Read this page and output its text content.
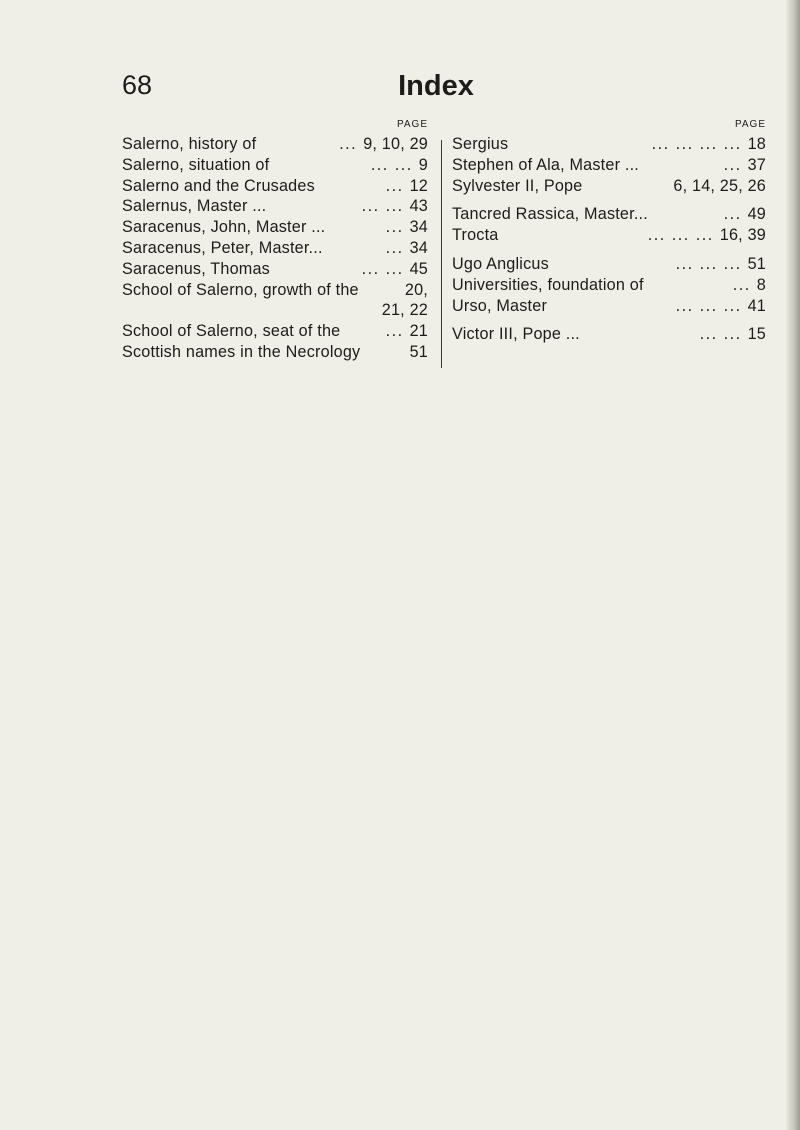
68	Index
PAGE
Salerno, history of	... 9, 10, 29
Salerno, situation of	... ... 9
Salerno and the Crusades	... 12
Salernus, Master ...	... ... 43
Saracenus, John, Master ...	... 34
Saracenus, Peter, Master...	... 34
Saracenus, Thomas	... ... 45
School of Salerno, growth of the	20,
21, 22
School of Salerno, seat of the	... 21
Scottish names in the Necrology	51
PAGE
Sergius	... ... ... ... 18
Stephen of Ala, Master ...	... 37
Sylvester II, Pope	6, 14, 25, 26
Tancred Rassica, Master...	... 49
Trocta	... ... ... 16, 39
Ugo Anglicus	... ... ... 51
Universities, foundation of	... 8
Urso, Master	... ... ... 41
Victor III, Pope ...	... ... 15
